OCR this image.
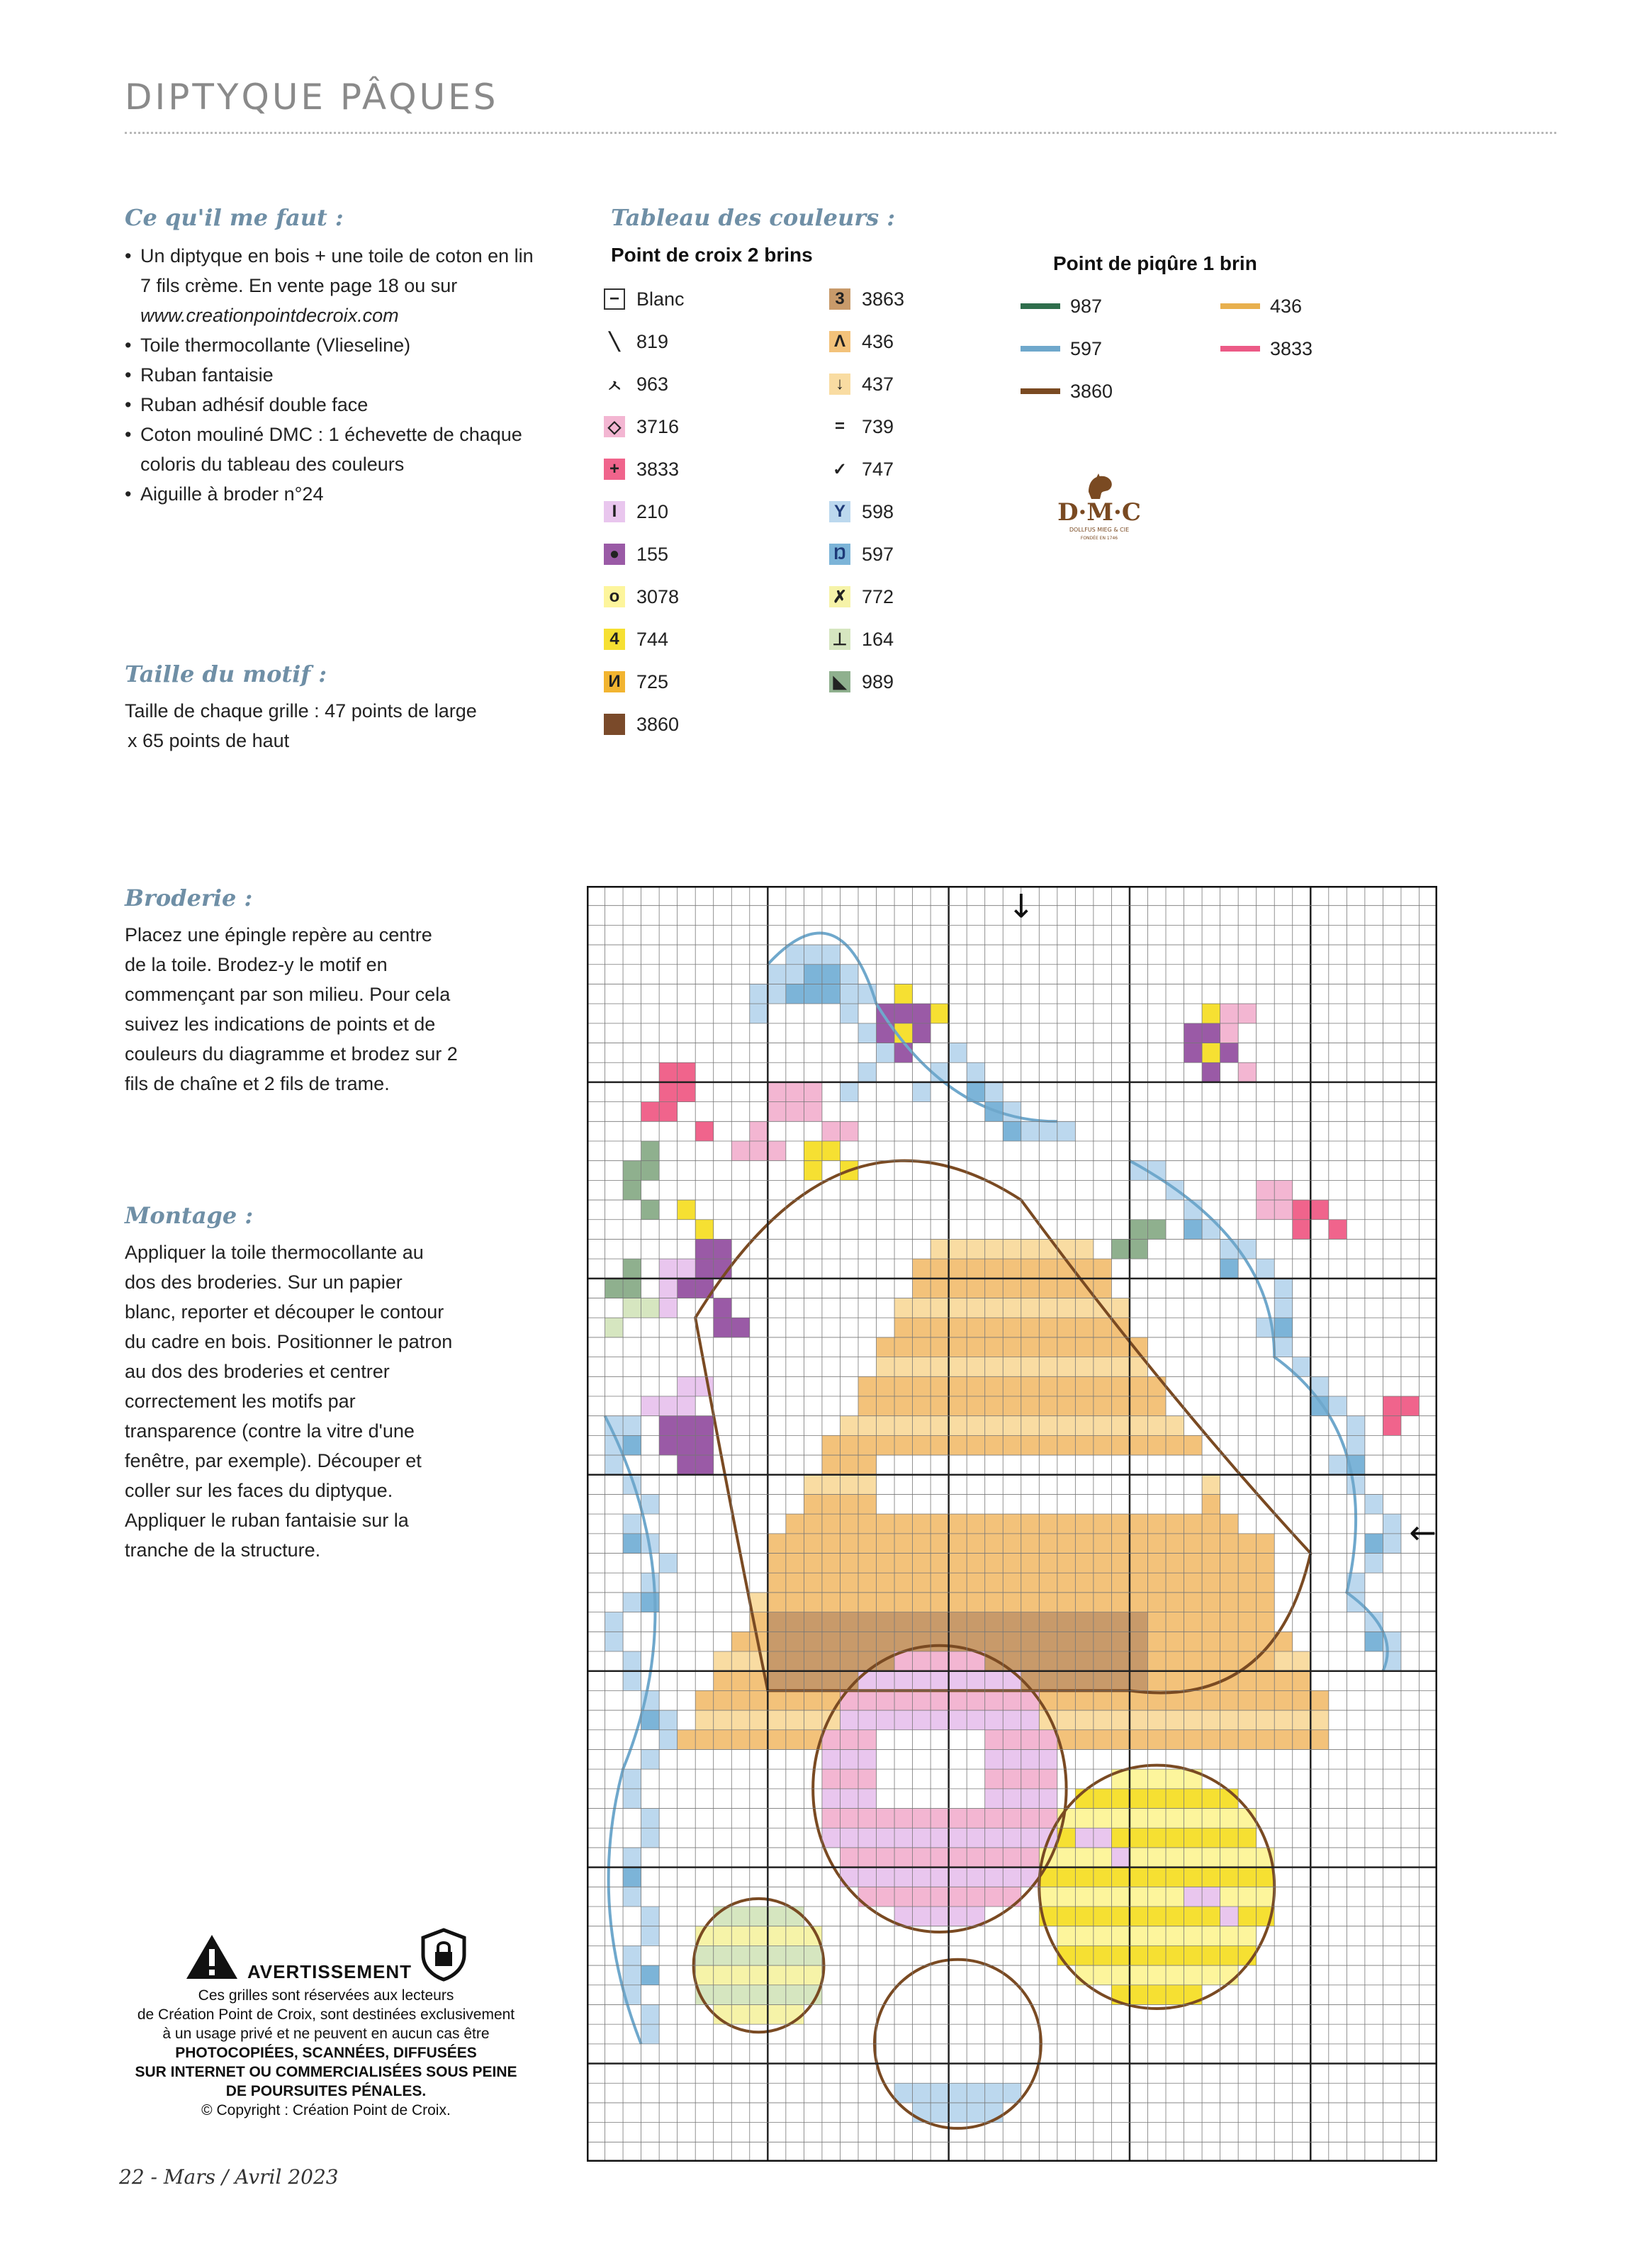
DIPTYQUE PÂQUES
Ce qu'il me faut :
• Un diptyque en bois + une toile de coton en lin 7 fils crème. En vente page 18 ou sur
www.creationpointdecroix.com
• Toile thermocollante (Vlieseline)
• Ruban fantaisie
• Ruban adhésif double face
• Coton mouliné DMC : 1 échevette de chaque coloris du tableau des couleurs
• Aiguille à broder n°24
Taille du motif :
Taille de chaque grille : 47 points de large
x 65 points de haut
Broderie :
Placez une épingle repère au centre de la toile. Brodez-y le motif en commençant par son milieu. Pour cela suivez les indications de points et de couleurs du diagramme et brodez sur 2 fils de chaîne et 2 fils de trame.
Montage :
Appliquer la toile thermocollante au dos des broderies. Sur un papier blanc, reporter et découper le contour du cadre en bois. Positionner le patron au dos des broderies et centrer correctement les motifs par transparence (contre la vitre d'une fenêtre, par exemple). Découper et coller sur les faces du diptyque. Appliquer le ruban fantaisie sur la tranche de la structure.
Tableau des couleurs :
Point de croix 2 brins	Point de piqûre 1 brin
− Blanc
╲ 819
ㅅ 963
◇ 3716
+ 3833
I	210
● 155
o 3078
4 744
И 725
3860
3 3863
Λ 436
↓ 437
= 739
✓ 747
Y 598
Ŋ 597
✗ 772
⊥ 164
◣ 989
987
597
3860
436
3833
D·M·C
DOLLFUS MIEG & CIE
FONDÉE EN 1746
↓
←
AVERTISSEMENT
Ces grilles sont réservées aux lecteurs
de Création Point de Croix, sont destinées exclusivement
à un usage privé et ne peuvent en aucun cas être
PHOTOCOPIÉES, SCANNÉES, DIFFUSÉES
SUR INTERNET OU COMMERCIALISÉES SOUS PEINE
DE POURSUITES PÉNALES.
© Copyright : Création Point de Croix.
22 - Mars / Avril 2023
